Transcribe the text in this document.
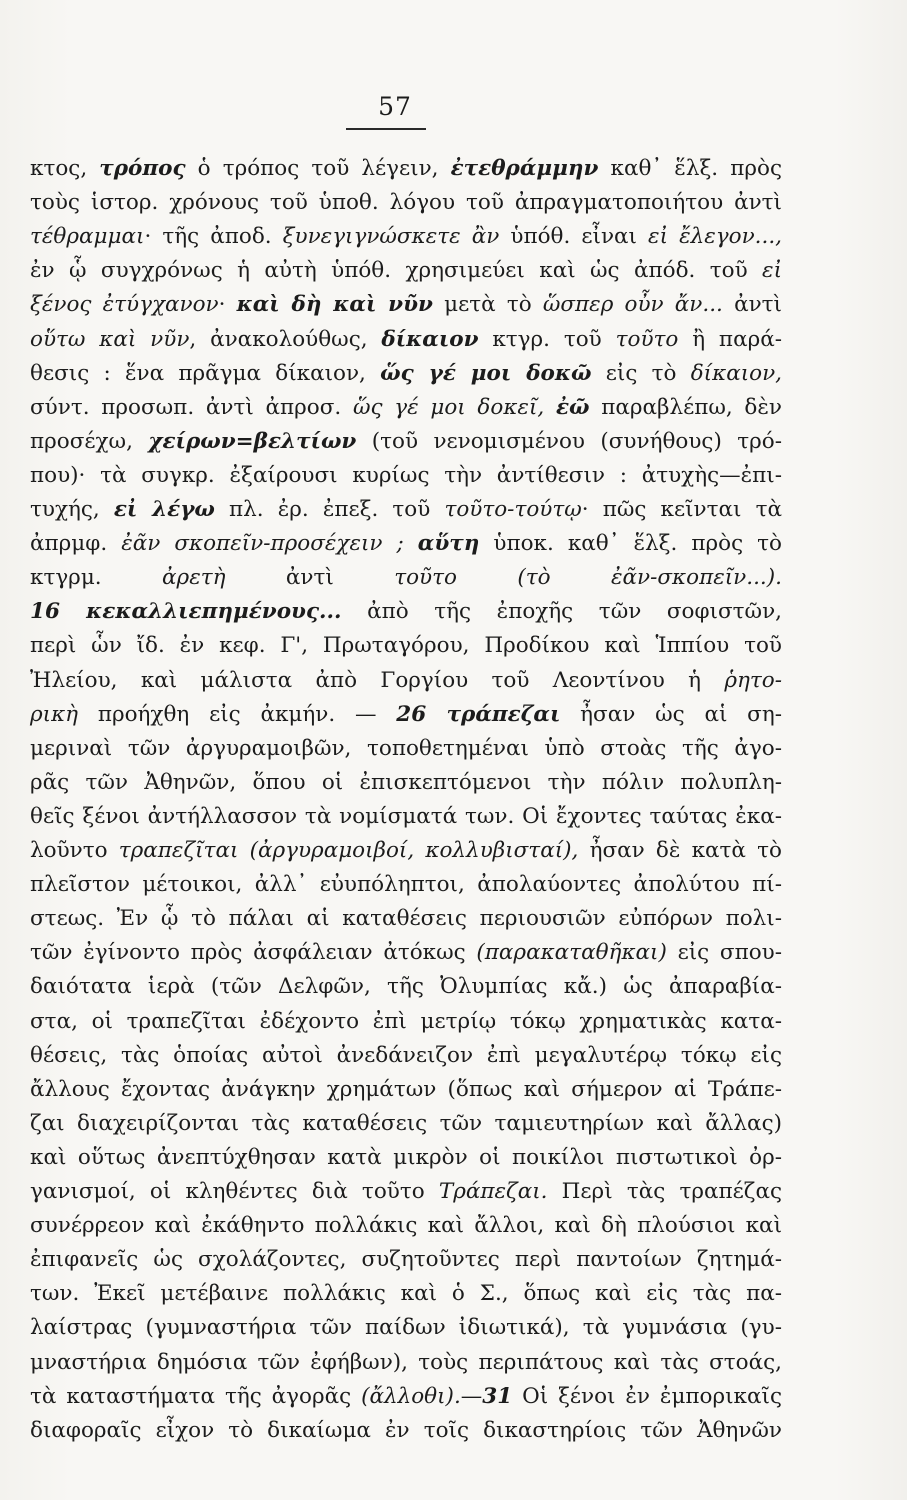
57
κτος, τρόπος ὁ τρόπος τοῦ λέγειν, ἐτεθράμμην καθ᾽ ἕλξ. πρὸς
τοὺς ἱστορ. χρόνους τοῦ ὑποθ. λόγου τοῦ ἀπραγματοποιήτου ἀντὶ
τέθραμμαι· τῆς ἀποδ. ξυνεγιγνώσκετε ἂν ὑπόθ. εἶναι εἰ ἔλεγον...,
ἐν ᾧ συγχρόνως ἡ αὐτὴ ὑπόθ. χρησιμεύει καὶ ὡς ἀπόδ. τοῦ εἰ
ξένος ἐτύγχανον· καὶ δὴ καὶ νῦν μετὰ τὸ ὥσπερ οὖν ἄν... ἀντὶ
οὕτω καὶ νῦν, ἀνακολούθως, δίκαιον κτγρ. τοῦ τοῦτο ἢ παρά-
θεσις : ἕνα πρᾶγμα δίκαιον, ὥς γέ μοι δοκῶ εἰς τὸ δίκαιον,
σύντ. προσωπ. ἀντὶ ἀπροσ. ὥς γέ μοι δοκεῖ, ἐῶ παραβλέπω, δὲν
προσέχω, χείρων=βελτίων (τοῦ νενομισμένου (συνήθους) τρό-
που)· τὰ συγκρ. ἐξαίρουσι κυρίως τὴν ἀντίθεσιν : ἀτυχὴς—ἐπι-
τυχής, εἰ λέγω πλ. ἐρ. ἐπεξ. τοῦ τοῦτο-τούτῳ· πῶς κεῖνται τὰ
ἀπρμφ. ἐᾶν σκοπεῖν-προσέχειν ; αὕτη ὑποκ. καθ᾽ ἕλξ. πρὸς τὸ
κτγρμ. ἀρετὴ ἀντὶ τοῦτο (τὸ ἐᾶν-σκοπεῖν...).
16 κεκαλλιεπημένους... ἀπὸ τῆς ἐποχῆς τῶν σοφιστῶν,
περὶ ὧν ἴδ. ἐν κεφ. Γ', Πρωταγόρου, Προδίκου καὶ Ἱππίου τοῦ
Ἠλείου, καὶ μάλιστα ἀπὸ Γοργίου τοῦ Λεοντίνου ἡ ῥητο-
ρικὴ προήχθη εἰς ἀκμήν. — 26 τράπεζαι ἦσαν ὡς αἱ ση-
μεριναὶ τῶν ἀργυραμοιβῶν, τοποθετημέναι ὑπὸ στοὰς τῆς ἀγο-
ρᾶς τῶν Ἀθηνῶν, ὅπου οἱ ἐπισκεπτόμενοι τὴν πόλιν πολυπλη-
θεῖς ξένοι ἀντήλλασσον τὰ νομίσματά των. Οἱ ἔχοντες ταύτας ἐκα-
λοῦντο τραπεζῖται (ἀργυραμοιβοί, κολλυβισταί), ἦσαν δὲ κατὰ τὸ
πλεῖστον μέτοικοι, ἀλλ᾽ εὐυπόληπτοι, ἀπολαύοντες ἀπολύτου πί-
στεως. Ἐν ᾧ τὸ πάλαι αἱ καταθέσεις περιουσιῶν εὐπόρων πολι-
τῶν ἐγίνοντο πρὸς ἀσφάλειαν ἀτόκως (παρακαταθῆκαι) εἰς σπου-
δαιότατα ἱερὰ (τῶν Δελφῶν, τῆς Ὀλυμπίας κἄ.) ὡς ἀπαραβία-
στα, οἱ τραπεζῖται ἐδέχοντο ἐπὶ μετρίῳ τόκῳ χρηματικὰς κατα-
θέσεις, τὰς ὁποίας αὐτοὶ ἀνεδάνειζον ἐπὶ μεγαλυτέρῳ τόκῳ εἰς
ἄλλους ἔχοντας ἀνάγκην χρημάτων (ὅπως καὶ σήμερον αἱ Τράπε-
ζαι διαχειρίζονται τὰς καταθέσεις τῶν ταμιευτηρίων καὶ ἄλλας)
καὶ οὕτως ἀνεπτύχθησαν κατὰ μικρὸν οἱ ποικίλοι πιστωτικοὶ ὀρ-
γανισμοί, οἱ κληθέντες διὰ τοῦτο Τράπεζαι. Περὶ τὰς τραπέζας
συνέρρεον καὶ ἐκάθηντο πολλάκις καὶ ἄλλοι, καὶ δὴ πλούσιοι καὶ
ἐπιφανεῖς ὡς σχολάζοντες, συζητοῦντες περὶ παντοίων ζητημά-
των. Ἐκεῖ μετέβαινε πολλάκις καὶ ὁ Σ., ὅπως καὶ εἰς τὰς πα-
λαίστρας (γυμναστήρια τῶν παίδων ἰδιωτικά), τὰ γυμνάσια (γυ-
μναστήρια δημόσια τῶν ἐφήβων), τοὺς περιπάτους καὶ τὰς στοάς,
τὰ καταστήματα τῆς ἀγορᾶς (ἄλλοθι).—31 Οἱ ξένοι ἐν ἐμπορικαῖς
διαφοραῖς εἶχον τὸ δικαίωμα ἐν τοῖς δικαστηρίοις τῶν Ἀθηνῶν
